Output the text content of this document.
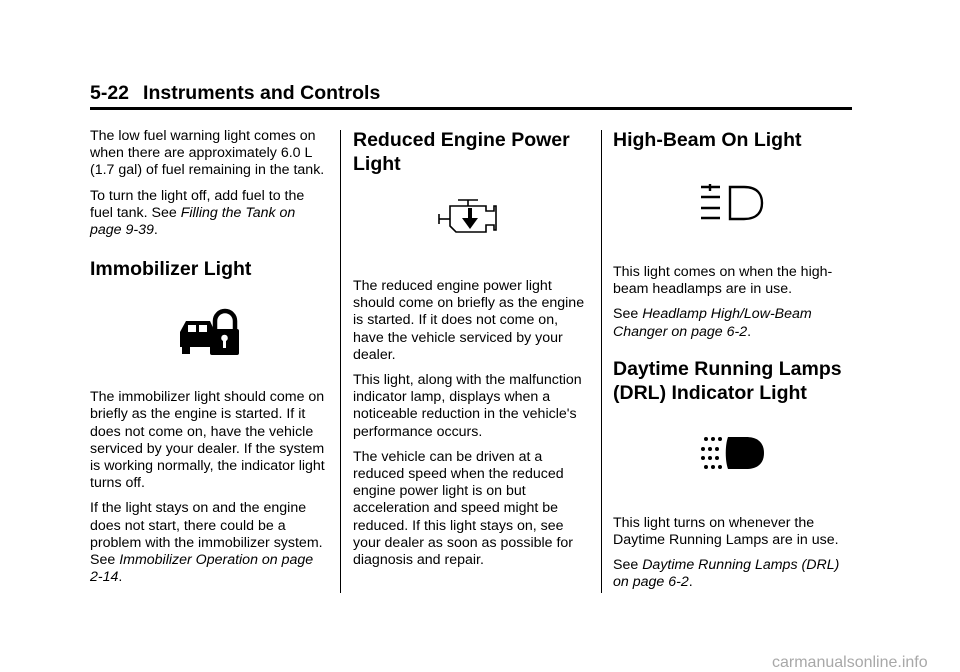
5-22 Instruments and Controls

The low fuel warning light comes on when there are approximately 6.0 L (1.7 gal) of fuel remaining in the tank.

To turn the light off, add fuel to the fuel tank. See Filling the Tank on page 9-39.

Immobilizer Light

The immobilizer light should come on briefly as the engine is started. If it does not come on, have the vehicle serviced by your dealer. If the system is working normally, the indicator light turns off.

If the light stays on and the engine does not start, there could be a problem with the immobilizer system. See Immobilizer Operation on page 2-14.

Reduced Engine Power Light

The reduced engine power light should come on briefly as the engine is started. If it does not come on, have the vehicle serviced by your dealer.

This light, along with the malfunction indicator lamp, displays when a noticeable reduction in the vehicle's performance occurs.

The vehicle can be driven at a reduced speed when the reduced engine power light is on but acceleration and speed might be reduced. If this light stays on, see your dealer as soon as possible for diagnosis and repair.

High-Beam On Light

This light comes on when the high-beam headlamps are in use.

See Headlamp High/Low-Beam Changer on page 6-2.

Daytime Running Lamps (DRL) Indicator Light

This light turns on whenever the Daytime Running Lamps are in use.

See Daytime Running Lamps (DRL) on page 6-2.

carmanualsonline.info
